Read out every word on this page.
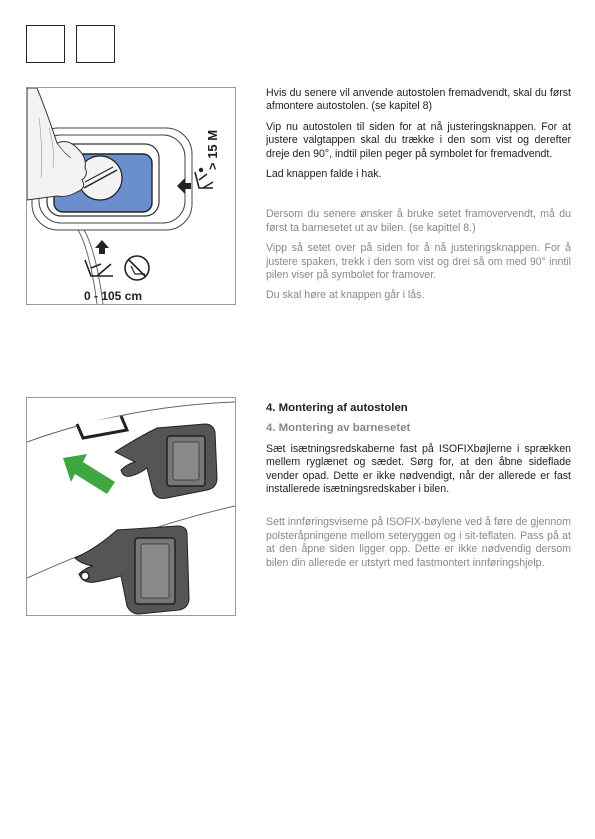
> 15 M
0 - 105 cm

Hvis du senere vil anvende autostolen fremadvendt, skal du først afmontere autostolen. (se kapitel 8)

Vip nu autostolen til siden for at nå justeringsknappen. For at justere valgtappen skal du trække i den som vist og derefter dreje den 90°, indtil pilen peger på symbolet for fremadvendt.

Lad knappen falde i hak.

Dersom du senere ønsker å bruke setet framovervendt, må du først ta barnesetet ut av bilen. (se kapittel 8.)

Vipp så setet over på siden for å nå justeringsknappen. For å justere spaken, trekk i den som vist og drei så om med 90° inntil pilen viser på symbolet for framover.

Du skal høre at knappen går i lås.

4. Montering af autostolen

4. Montering av barnesetet

Sæt isætningsredskaberne fast på ISOFIXbøjlerne i sprækken mellem ryglænet og sædet. Sørg for, at den åbne sideflade vender opad. Dette er ikke nødvendigt, når der allerede er fast installerede isætningsredskaber i bilen.

Sett innføringsviserne på ISOFIX-bøylene ved å føre de gjennom polsteråpningene mellom seteryggen og i sit-teflaten. Pass på at at den åpne siden ligger opp. Dette er ikke nødvendig dersom bilen din allerede er utstyrt med fastmontert innføringshjelp.
